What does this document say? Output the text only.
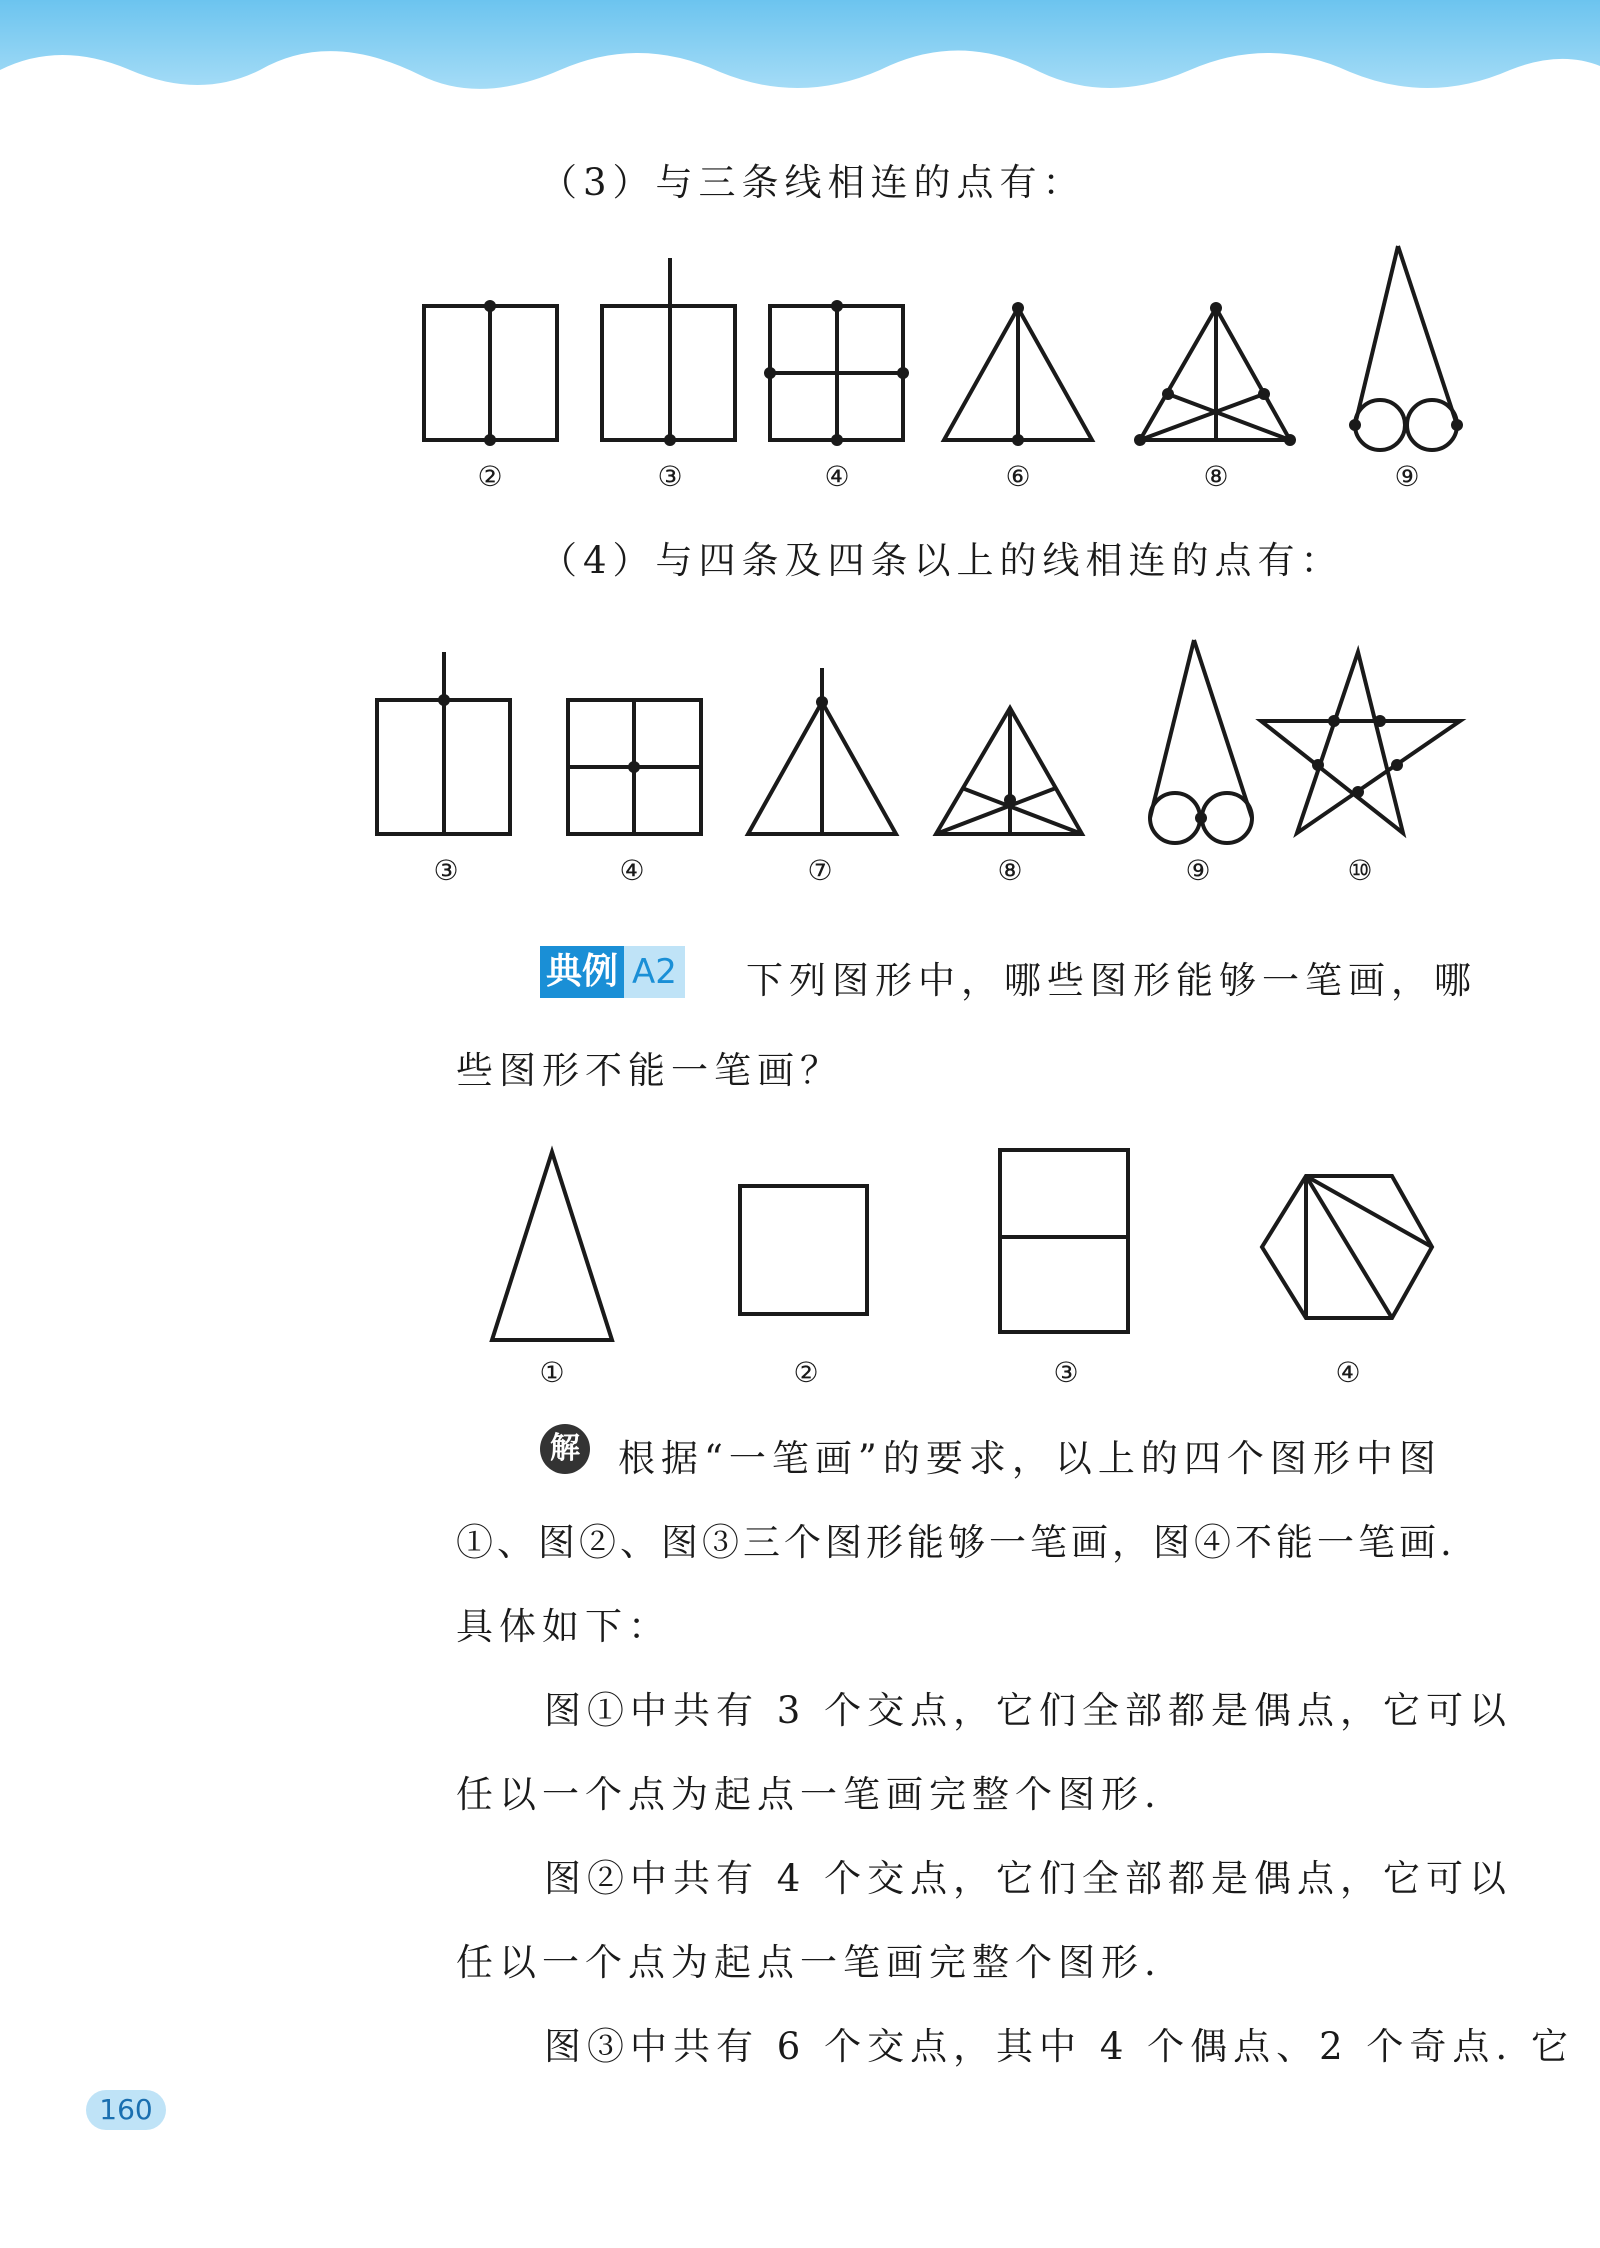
（3）与三条线相连的点有：
②	③	④	⑥	⑧	⑨
③	④	⑦	⑧	⑨	⑩
①	②	③	④
（4）与四条及四条以上的线相连的点有：
典例 A2 下列图形中，哪些图形能够一笔画，哪
些图形不能一笔画？
解 根据“一笔画”的要求，以上的四个图形中图
①、图②、图③三个图形能够一笔画，图④不能一笔画.
具体如下：
图①中共有 3 个交点，它们全部都是偶点，它可以
任以一个点为起点一笔画完整个图形.
图②中共有 4 个交点，它们全部都是偶点，它可以
任以一个点为起点一笔画完整个图形.
图③中共有 6 个交点，其中 4 个偶点、2 个奇点. 它
160
